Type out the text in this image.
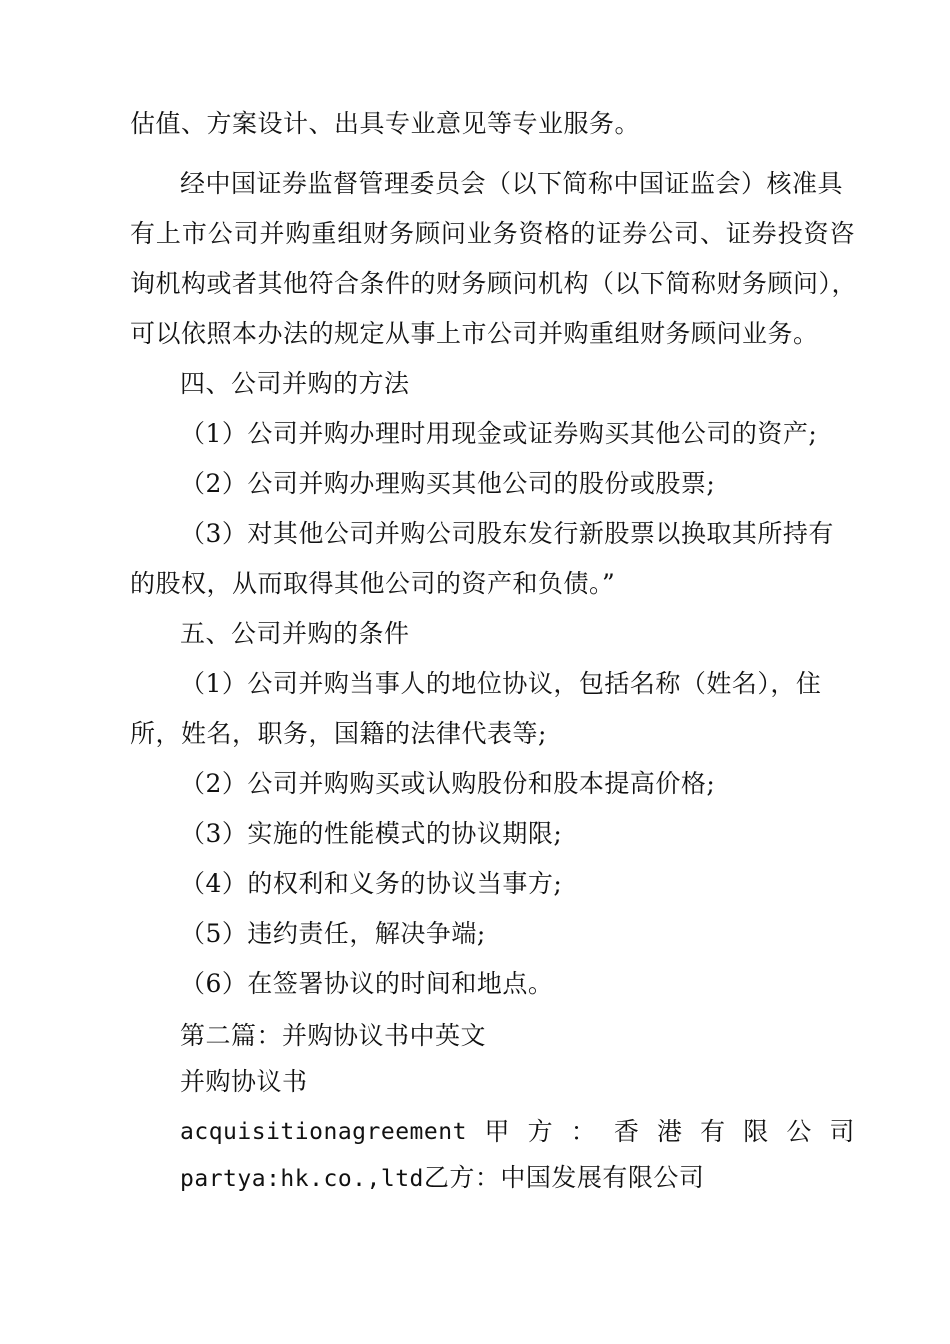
估值、方案设计、出具专业意见等专业服务。
经中国证券监督管理委员会（以下简称中国证监会）核准具
有上市公司并购重组财务顾问业务资格的证券公司、证券投资咨
询机构或者其他符合条件的财务顾问机构（以下简称财务顾问），
可以依照本办法的规定从事上市公司并购重组财务顾问业务。
四、公司并购的方法
（1）公司并购办理时用现金或证券购买其他公司的资产;
（2）公司并购办理购买其他公司的股份或股票;
（3）对其他公司并购公司股东发行新股票以换取其所持有
的股权，从而取得其他公司的资产和负债。”
五、公司并购的条件
（1）公司并购当事人的地位协议，包括名称（姓名），住
所，姓名，职务，国籍的法律代表等;
（2）公司并购购买或认购股份和股本提高价格;
（3）实施的性能模式的协议期限;
（4）的权利和义务的协议当事方;
（5）违约责任，解决争端;
（6）在签署协议的时间和地点。
第二篇：并购协议书中英文
并购协议书
acquisitionagreement 甲 方 ： 香 港 有 限 公 司
partya:hk.co.,ltd乙方：中国发展有限公司
